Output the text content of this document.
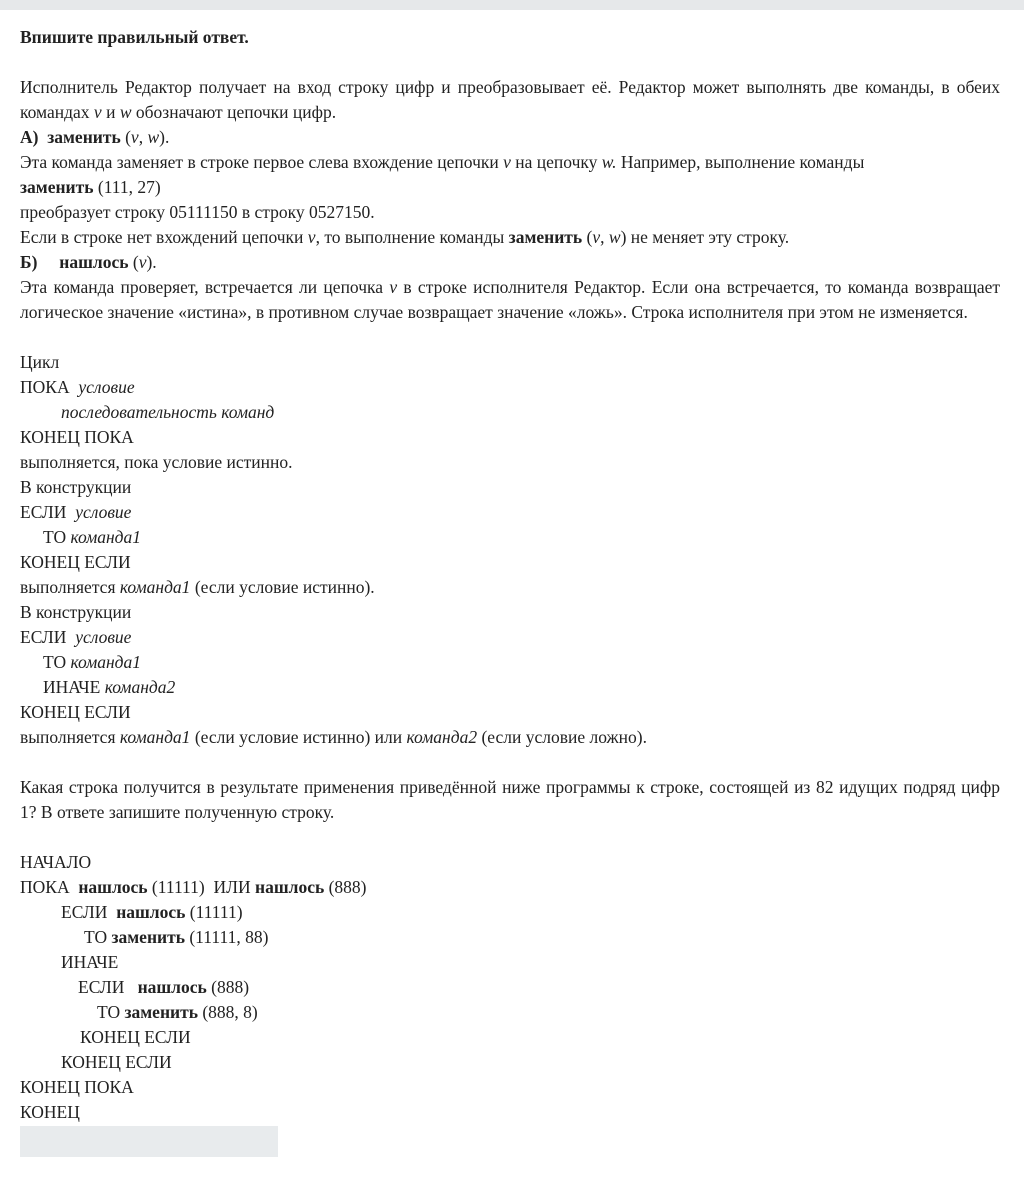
Впишите правильный ответ.
Исполнитель Редактор получает на вход строку цифр и преобразовывает её. Редактор может выполнять две команды, в обеих командах v и w обозначают цепочки цифр.
А) заменить (v, w).
Эта команда заменяет в строке первое слева вхождение цепочки v на цепочку w. Например, выполнение команды
заменить (111, 27)
преобразует строку 05111150 в строку 0527150.
Если в строке нет вхождений цепочки v, то выполнение команды заменить (v, w) не меняет эту строку.
Б) нашлось (v).
Эта команда проверяет, встречается ли цепочка v в строке исполнителя Редактор. Если она встречается, то команда возвращает логическое значение «истина», в противном случае возвращает значение «ложь». Строка исполнителя при этом не изменяется.
Цикл
ПОКА условие
последовательность команд
КОНЕЦ ПОКА
выполняется, пока условие истинно.
В конструкции
ЕСЛИ условие
ТО команда1
КОНЕЦ ЕСЛИ
выполняется команда1 (если условие истинно).
В конструкции
ЕСЛИ условие
ТО команда1
ИНАЧЕ команда2
КОНЕЦ ЕСЛИ
выполняется команда1 (если условие истинно) или команда2 (если условие ложно).
Какая строка получится в результате применения приведённой ниже программы к строке, состоящей из 82 идущих подряд цифр 1? В ответе запишите полученную строку.
НАЧАЛО
ПОКА нашлось (11111) ИЛИ нашлось (888)
ЕСЛИ нашлось (11111)
ТО заменить (11111, 88)
ИНАЧЕ
ЕСЛИ нашлось (888)
ТО заменить (888, 8)
КОНЕЦ ЕСЛИ
КОНЕЦ ЕСЛИ
КОНЕЦ ПОКА
КОНЕЦ
